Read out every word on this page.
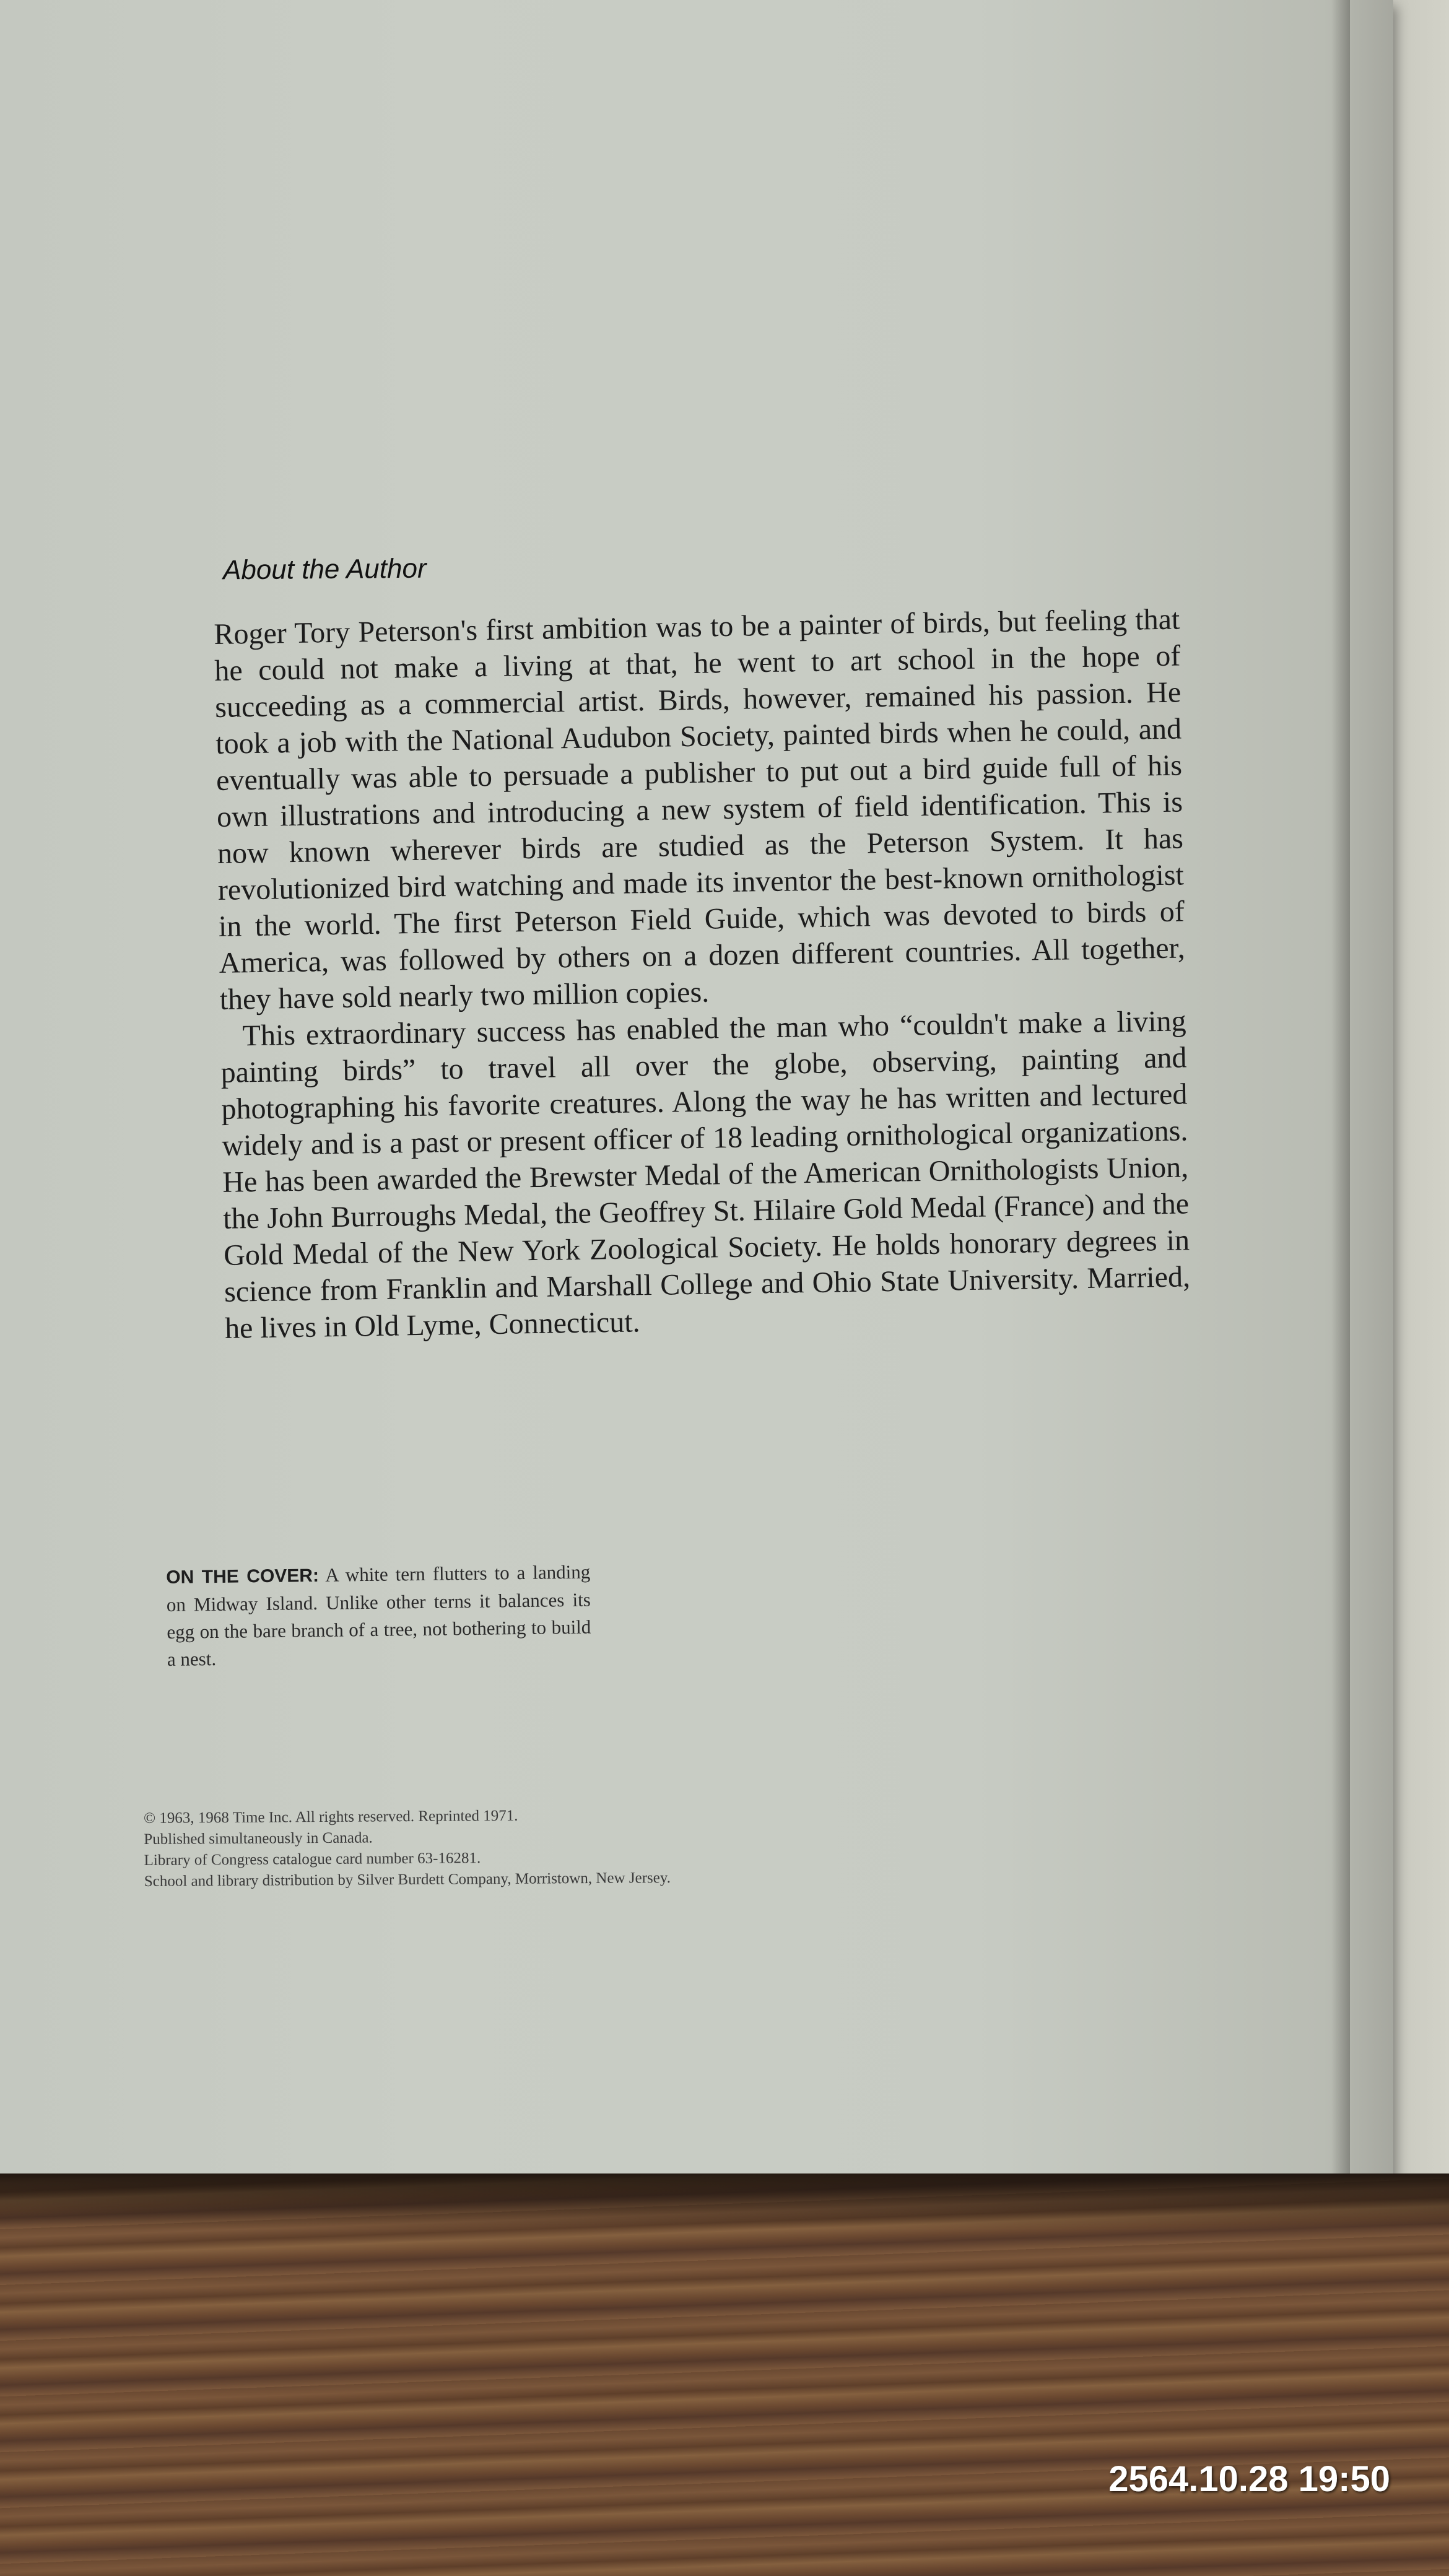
About the Author

Roger Tory Peterson's first ambition was to be a painter of birds, but feeling that he could not make a living at that, he went to art school in the hope of succeeding as a commercial artist. Birds, however, remained his passion. He took a job with the National Audubon Society, painted birds when he could, and eventually was able to persuade a publisher to put out a bird guide full of his own illustrations and introducing a new system of field identification. This is now known wherever birds are studied as the Peterson System. It has revolutionized bird watching and made its inventor the best-known ornithologist in the world. The first Peterson Field Guide, which was devoted to birds of America, was followed by others on a dozen different countries. All together, they have sold nearly two million copies.

This extraordinary success has enabled the man who “couldn't make a living painting birds” to travel all over the globe, observing, painting and photographing his favorite creatures. Along the way he has written and lectured widely and is a past or present officer of 18 leading ornithological organizations. He has been awarded the Brewster Medal of the American Ornithologists Union, the John Burroughs Medal, the Geoffrey St. Hilaire Gold Medal (France) and the Gold Medal of the New York Zoological Society. He holds honorary degrees in science from Franklin and Marshall College and Ohio State University. Married, he lives in Old Lyme, Connecticut.

ON THE COVER: A white tern flutters to a landing on Midway Island. Unlike other terns it balances its egg on the bare branch of a tree, not bothering to build a nest.
© 1963, 1968 Time Inc. All rights reserved. Reprinted 1971.
Published simultaneously in Canada.
Library of Congress catalogue card number 63-16281.
School and library distribution by Silver Burdett Company, Morristown, New Jersey.
2564.10.28 19:50
